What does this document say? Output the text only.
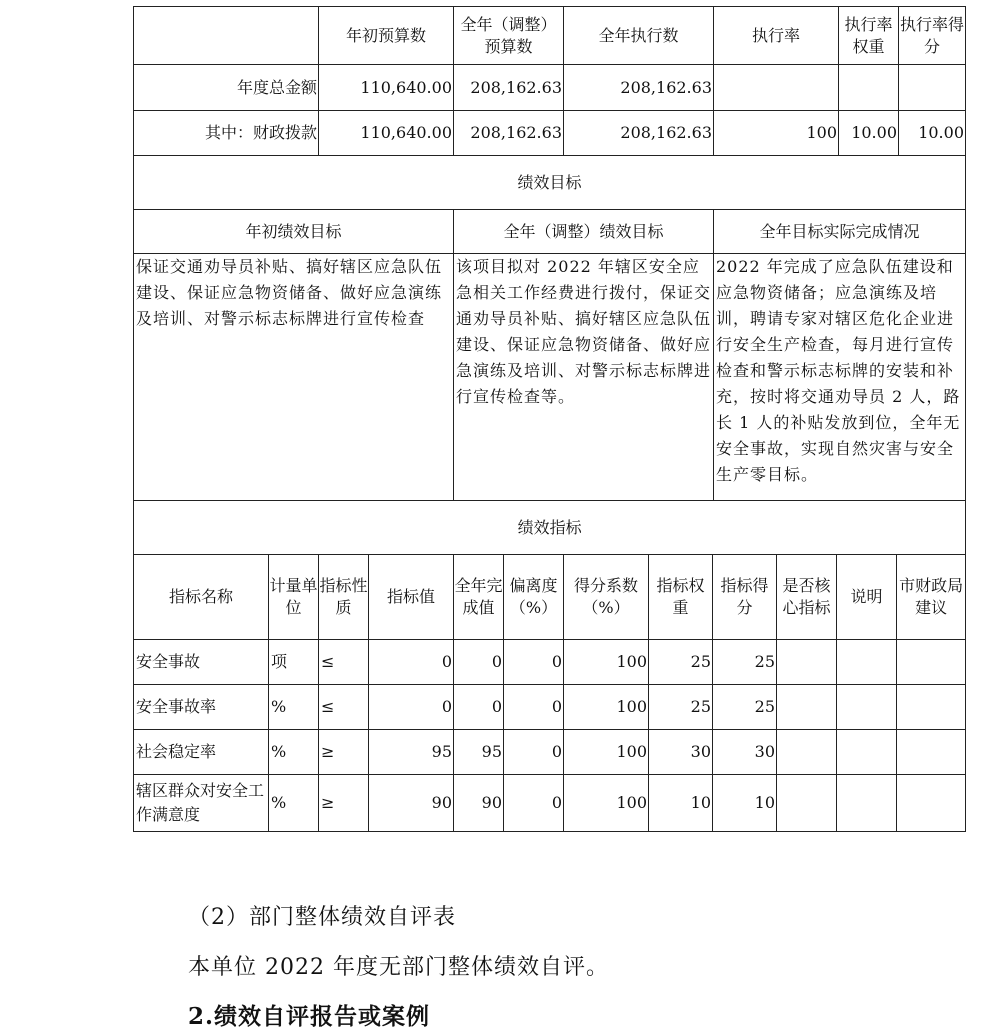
	年初预算数	全年（调整）预算数	全年执行数	执行率	执行率权重	执行率得分
年度总金额	110,640.00	208,162.63	208,162.63			
其中：财政拨款	110,640.00	208,162.63	208,162.63	100	10.00	10.00
绩效目标						
年初绩效目标		全年（调整）绩效目标		全年目标实际完成情况		
保证交通劝导员补贴、搞好辖区应急队伍建设、保证应急物资储备、做好应急演练及培训、对警示标志标牌进行宣传检查		该项目拟对 2022 年辖区安全应急相关工作经费进行拨付，保证交通劝导员补贴、搞好辖区应急队伍建设、保证应急物资储备、做好应急演练及培训、对警示标志标牌进行宣传检查等。		2022 年完成了应急队伍建设和应急物资储备；应急演练及培训，聘请专家对辖区危化企业进行安全生产检查，每月进行宣传检查和警示标志标牌的安装和补充，按时将交通劝导员 2 人，路长 1 人的补贴发放到位，全年无安全事故，实现自然灾害与安全生产零目标。		
绩效指标											
指标名称	计量单位	指标性质	指标值	全年完成值	偏离度（%）	得分系数（%）	指标权重	指标得分	是否核心指标	说明	市财政局建议
安全事故	项	≤	0	0	0	100	25	25			
安全事故率	%	≤	0	0	0	100	25	25			
社会稳定率	%	≥	95	95	0	100	30	30			
辖区群众对安全工作满意度	%	≥	90	90	0	100	10	10			
（2）部门整体绩效自评表
本单位 2022 年度无部门整体绩效自评。
2.绩效自评报告或案例
